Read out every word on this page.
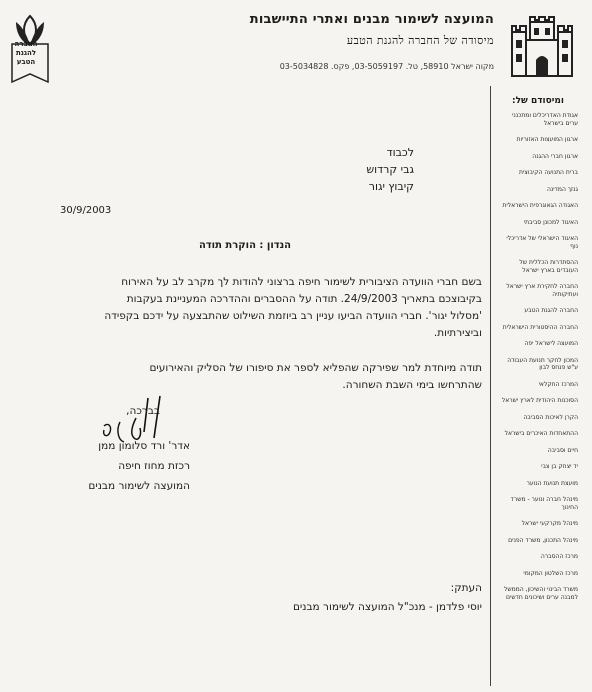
החברה
להגנת
הטבע
המועצה לשימור מבנים ואתרי התיישבות
מיסודה של החברה להגנת הטבע
מקוה ישראל 58910, טל. 03-5059197, פקס. 03-5034828
ומיסודם של:
אגודת האדריכלים ומתכנני ערים בישראל
ארגון המועצות האזוריות
ארגון חברי ההגנה
ברית התנועה הקיבוצית
גנזך המדינה
האגודה הגאוגרפית הישראלית
האיגוד למכונן סביבתי
האיגוד הישראלי של אדריכלי נוף
ההסתדרות הכללית של העובדים בארץ ישראל
החברה לחקירת ארץ ישראל ועתיקותיה
החברה להגנת הטבע
החברה ההיסטורית הישראלית
המועצה לישראל יפה
המכון לחקר תנועת העבודה ע"ש פנחס לבון
המרכז החקלאי
הסוכנות היהודית לארץ ישראל
הקרן לאיכות הסביבה
ההתאחדות האיכרים בישראל
חיים וסביבה
יד יצחק בן צבי
מועצת תנועת הנוער
מינהל חברה ונוער - משרד החינוך
מינהל מקרקעי ישראל
מינהל התכנון, משרד הפנים
מרכז ההסברה
מרכז השלטון המקומי
משרד הבינוי והשיכון, הממשל למבנה ערים ושיכונים חדשים
לכבוד
גבי קרדוש
קיבוץ יגור
30/9/2003
הנדון : הוקרת תודה

בשם חברי הוועדה הציבורית לשימור חיפה ברצוני להודות לך מקרב לב על האירוח בקיבוצכם בתאריך 24/9/2003. תודה על ההסברים וההדרכה המעניינת בעקבות 'מסלול יגור'. חברי הוועדה הביעו עניין רב ביוזמת השילוט שהתבצעה על ידכם בקפידה וביצירתיות.

תודה מיוחדת למר שפירקה שהפליא לספר את סיפורו של הסליק והאירועים שהתרחשו בימי השבת השחורה.

בברכה,
אדר' ורד סלומון ממן
רכזת מחוז חיפה
המועצה לשימור מבנים
העתק:
יוסי פלדמן - מנכ"ל המועצה לשימור מבנים
